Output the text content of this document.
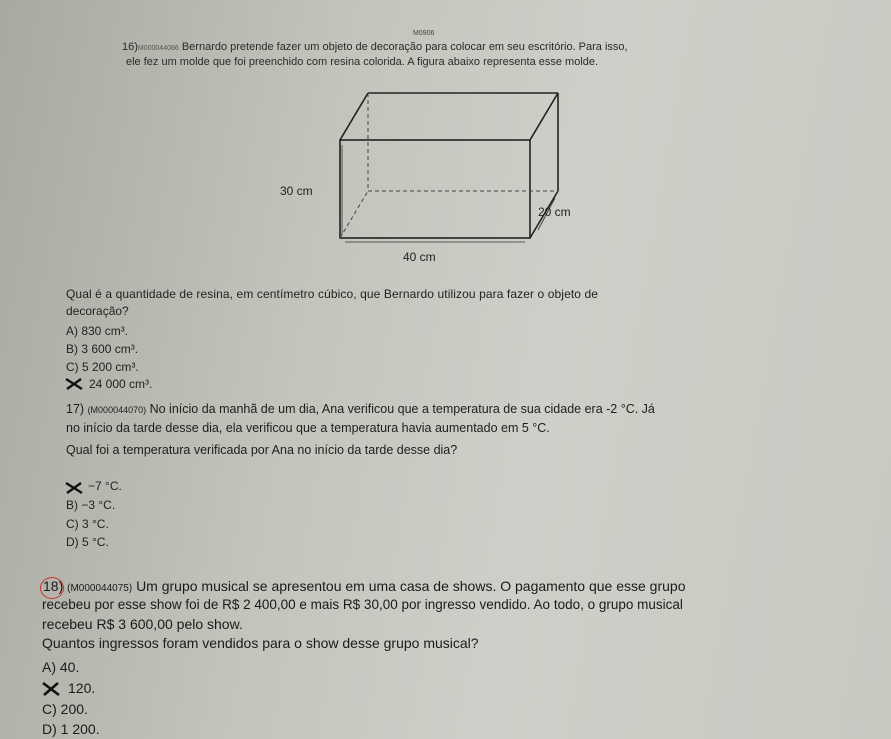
M0906
16)M000044066 Bernardo pretende fazer um objeto de decoração para colocar em seu escritório. Para isso,
ele fez um molde que foi preenchido com resina colorida. A figura abaixo representa esse molde.
30 cm
20 cm
40 cm
Qual é a quantidade de resina, em centímetro cúbico, que Bernardo utilizou para fazer o objeto de
decoração?
A) 830 cm³.
B) 3 600 cm³.
C) 5 200 cm³.
24 000 cm³.
17) (M000044070) No início da manhã de um dia, Ana verificou que a temperatura de sua cidade era -2 °C. Já
no início da tarde desse dia, ela verificou que a temperatura havia aumentado em 5 °C.
Qual foi a temperatura verificada por Ana no início da tarde desse dia?
−7 °C.
B) −3 °C.
C) 3 °C.
D) 5 °C.
18) (M000044075) Um grupo musical se apresentou em uma casa de shows. O pagamento que esse grupo
recebeu por esse show foi de R$ 2 400,00 e mais R$ 30,00 por ingresso vendido. Ao todo, o grupo musical
recebeu R$ 3 600,00 pelo show.
Quantos ingressos foram vendidos para o show desse grupo musical?
A) 40.
120.
C) 200.
D) 1 200.
